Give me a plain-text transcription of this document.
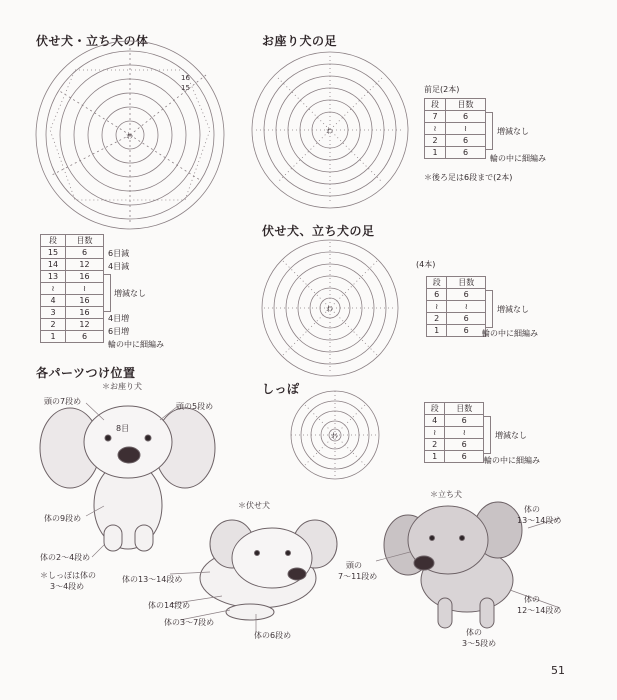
伏せ犬・立ち犬の体	お座り犬の足
伏せ犬、立ち犬の足
しっぽ
各パーツつけ位置
16
15
わ
わ
わ
わ
段	目数
15	6
14	12
13	16
≀	≀
4	16
3	16
2	12
1	6
6目減
4目減
増減なし
4目増
6目増
輪の中に細編み
前足(2本)
段	目数
7	6
≀	≀
2	6
1	6
増減なし
輪の中に細編み
＊後ろ足は6段まで(2本)
(4本)
段	目数
6	6
≀	≀
2	6
1	6
増減なし
輪の中に細編み
段	目数
4	6
≀	≀
2	6
1	6
増減なし
輪の中に細編み
＊お座り犬
頭の7段め
頭の5段め
8目
体の9段め
体の2～4段め
＊しっぽは体の
3～4段め
＊伏せ犬
体の13～14段め
体の14段め
体の3～7段め
体の6段め
＊立ち犬
頭の
7～11段め
体の
13～14段め
体の
12～14段め
体の
3～5段め
51
